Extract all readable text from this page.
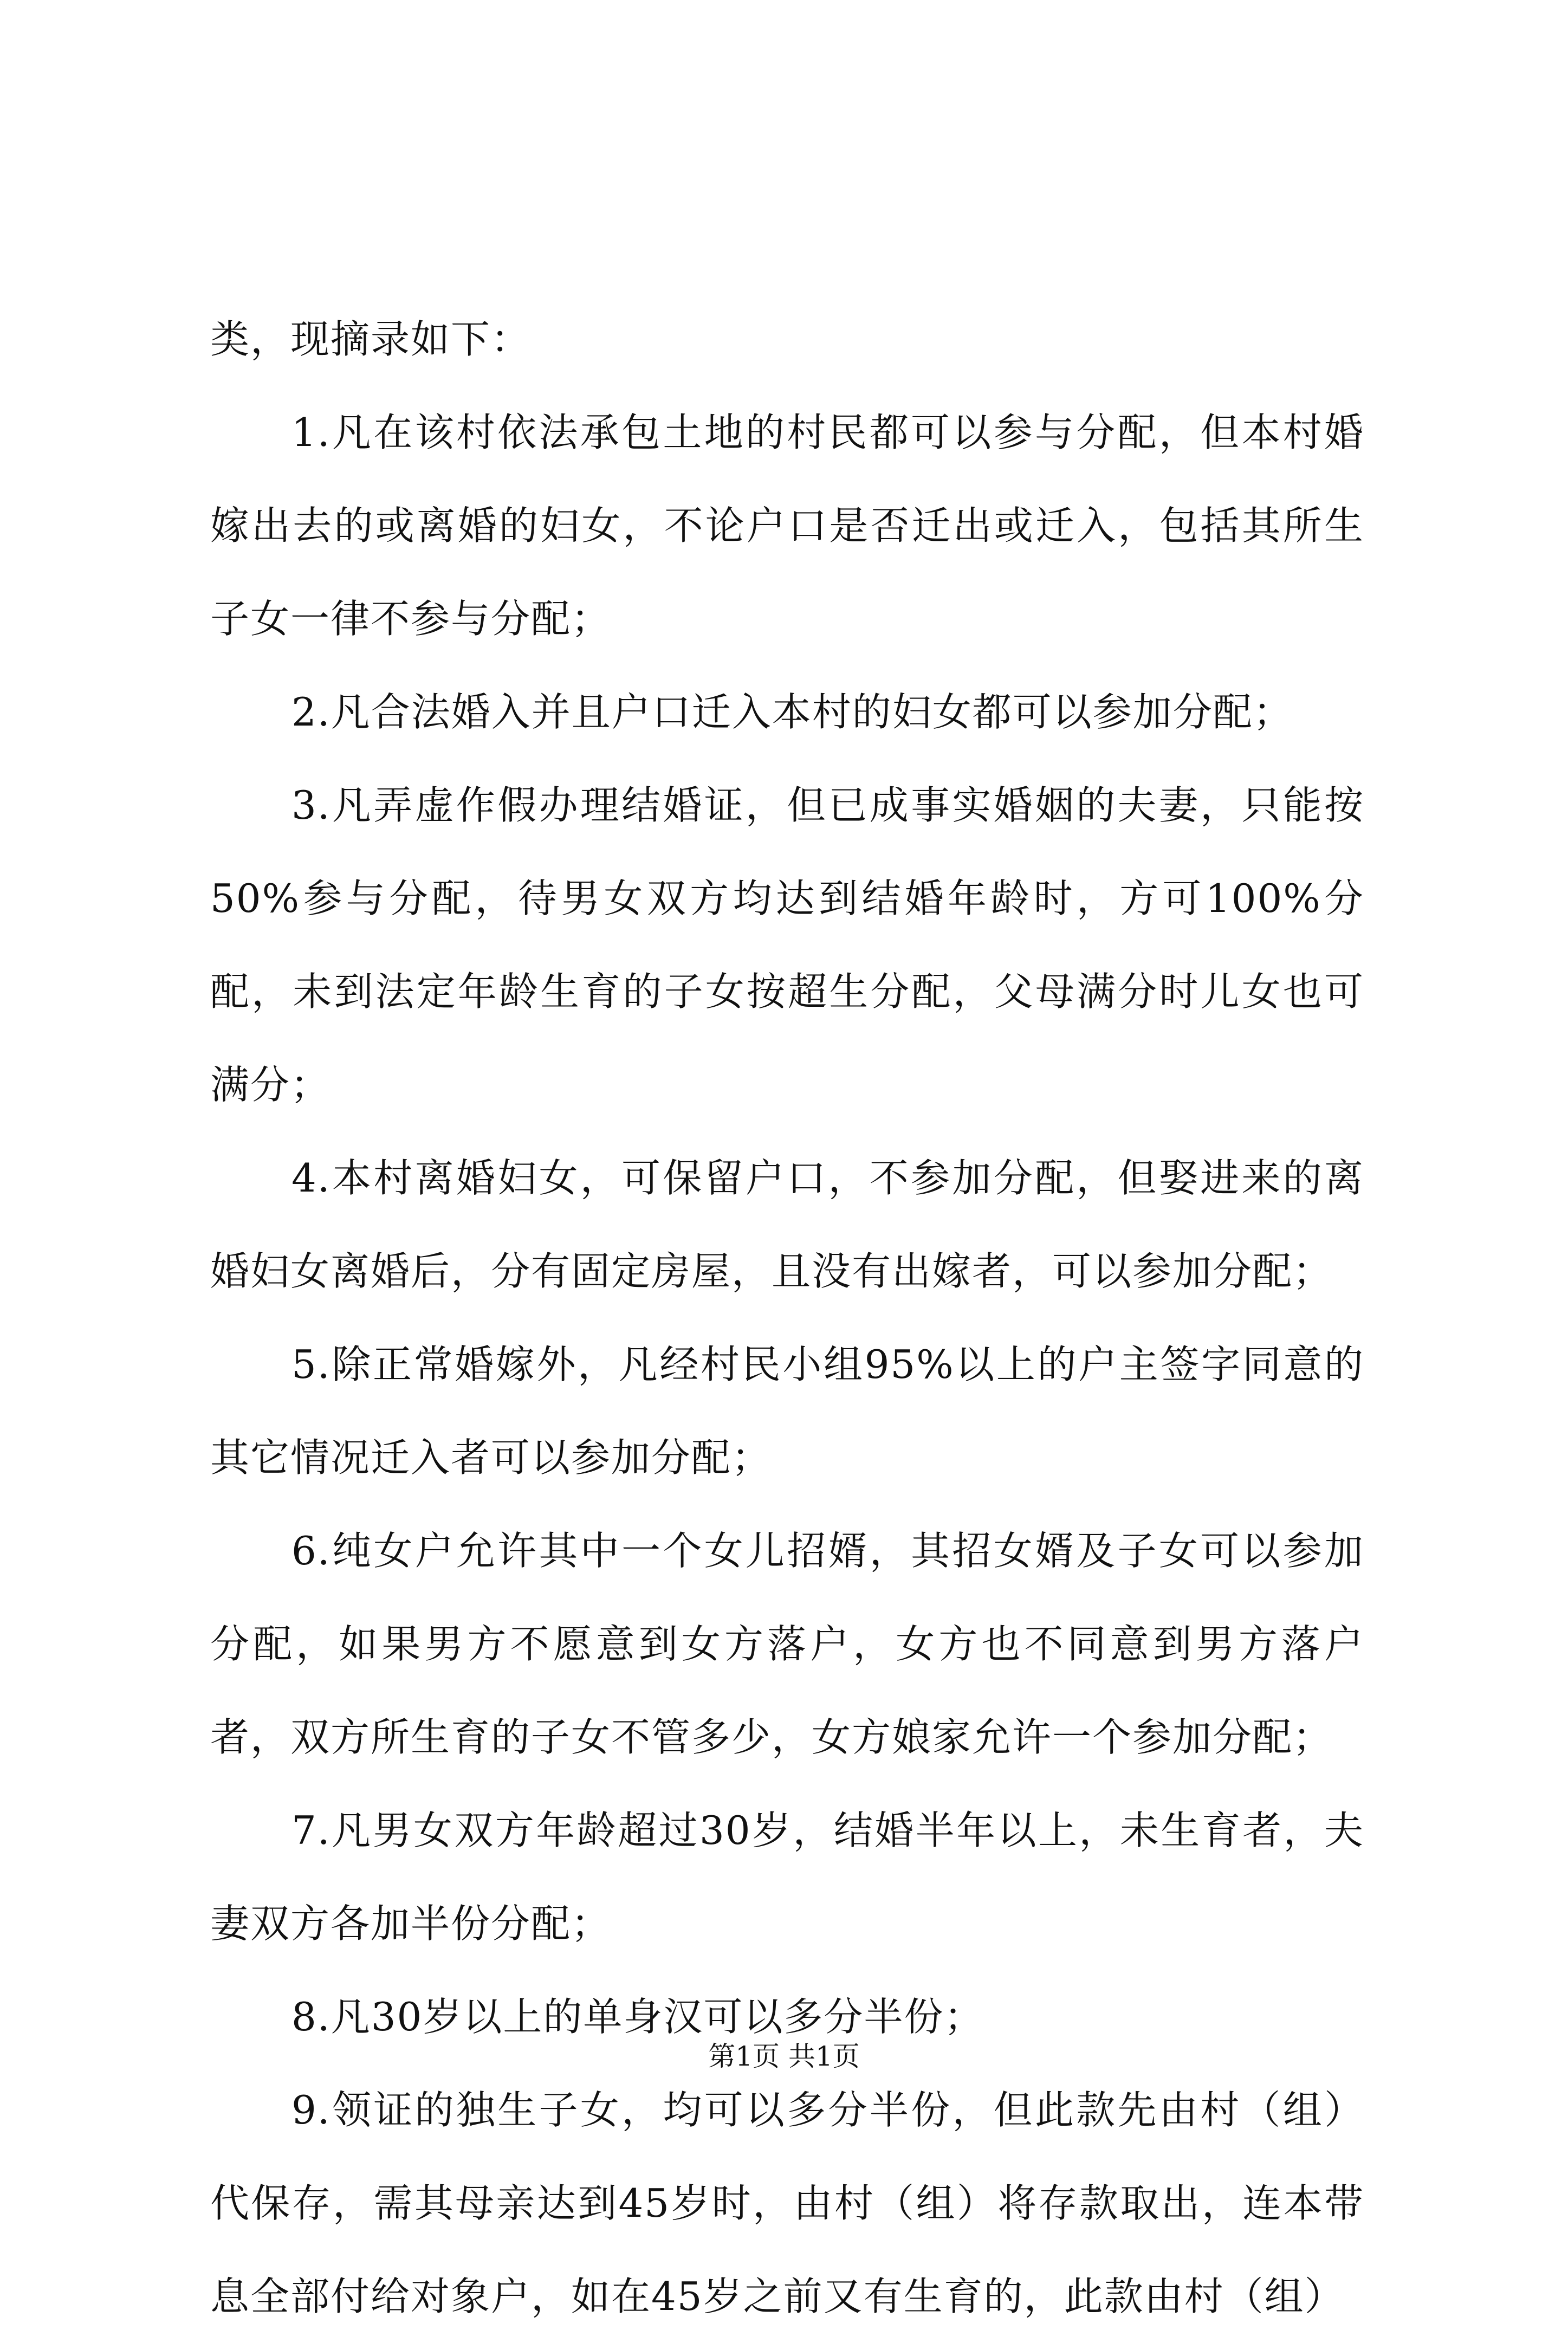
类，现摘录如下：

1.凡在该村依法承包土地的村民都可以参与分配，但本村婚嫁出去的或离婚的妇女，不论户口是否迁出或迁入，包括其所生子女一律不参与分配；

2.凡合法婚入并且户口迁入本村的妇女都可以参加分配；

3.凡弄虚作假办理结婚证，但已成事实婚姻的夫妻，只能按50%参与分配，待男女双方均达到结婚年龄时，方可100%分配，未到法定年龄生育的子女按超生分配，父母满分时儿女也可满分；

4.本村离婚妇女，可保留户口，不参加分配，但娶进来的离婚妇女离婚后，分有固定房屋，且没有出嫁者，可以参加分配；

5.除正常婚嫁外，凡经村民小组95%以上的户主签字同意的其它情况迁入者可以参加分配；

6.纯女户允许其中一个女儿招婿，其招女婿及子女可以参加分配，如果男方不愿意到女方落户，女方也不同意到男方落户者，双方所生育的子女不管多少，女方娘家允许一个参加分配；

7.凡男女双方年龄超过30岁，结婚半年以上，未生育者，夫妻双方各加半份分配；

8.凡30岁以上的单身汉可以多分半份；

9.领证的独生子女，均可以多分半份，但此款先由村（组）代保存，需其母亲达到45岁时，由村（组）将存款取出，连本带息全部付给对象户，如在45岁之前又有生育的，此款由村（组）

第1页 共1页
